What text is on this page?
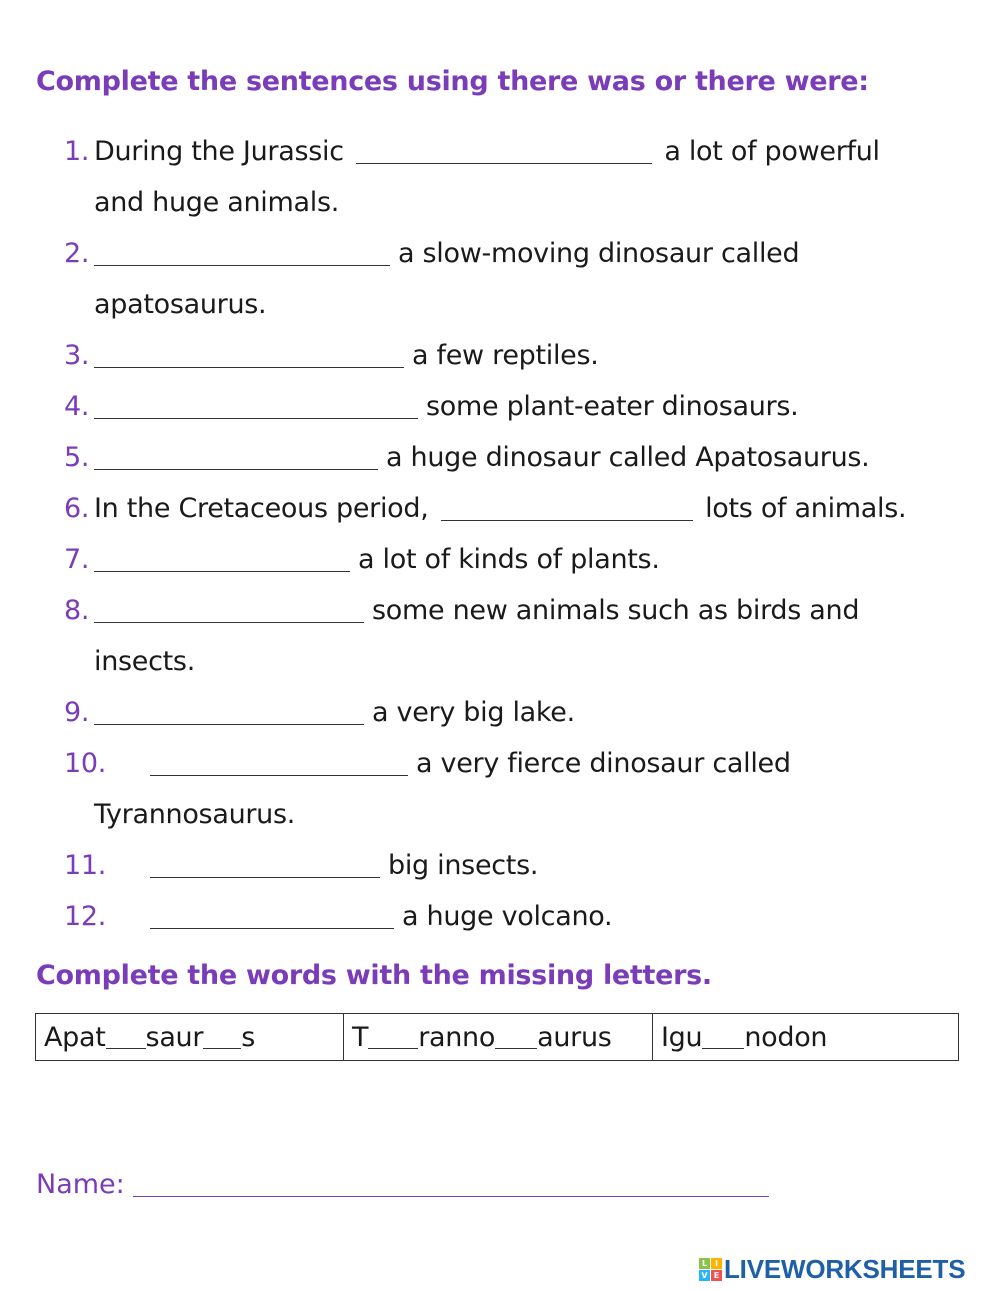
Complete the sentences using there was or there were:
1. During the Jurassic	a lot of powerful
and huge animals.
2.	a slow-moving dinosaur called
apatosaurus.
3.	a few reptiles.
4.	some plant-eater dinosaurs.
5.	a huge dinosaur called Apatosaurus.
6. In the Cretaceous period,	lots of animals.
7.	a lot of kinds of plants.
8.	some new animals such as birds and
insects.
9.	a very big lake.
10.	a very fierce dinosaur called
Tyrannosaurus.
11.	big insects.
12.	a huge volcano.
Complete the words with the missing letters.
Apat saur s	T ranno aurus	Igu nodon
Name:
L I
V E LIVEWORKSHEETS
